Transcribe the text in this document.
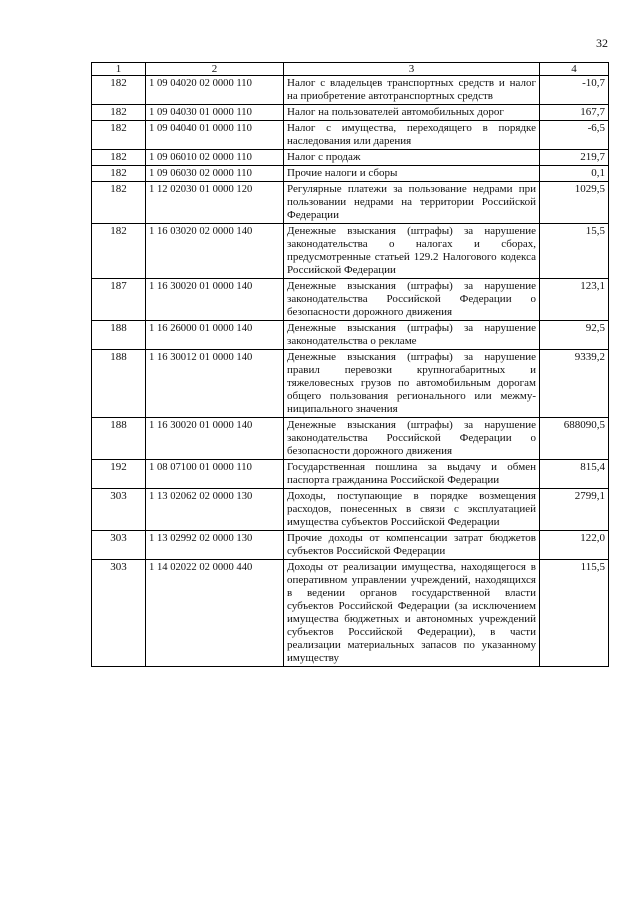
32
1	2	3	4
182	1 09 04020 02 0000 110	Налог с владельцев транспортных средств и налог на приобретение автотранспортных средств	-10,7
182	1 09 04030 01 0000 110	Налог на пользователей автомобильных дорог	167,7
182	1 09 04040 01 0000 110	Налог с имущества, переходящего в порядке наследования или дарения	-6,5
182	1 09 06010 02 0000 110	Налог с продаж	219,7
182	1 09 06030 02 0000 110	Прочие налоги и сборы	0,1
182	1 12 02030 01 0000 120	Регулярные платежи за пользование недрами при пользовании недрами на территории Российской Федерации	1029,5
182	1 16 03020 02 0000 140	Денежные взыскания (штрафы) за нарушение законодательства о налогах и сборах, предусмотренные статьей 129.2 Налогового кодекса Российской Федерации	15,5
187	1 16 30020 01 0000 140	Денежные взыскания (штрафы) за нарушение законодательства Российской Федерации о безопасности дорожного движения	123,1
188	1 16 26000 01 0000 140	Денежные взыскания (штрафы) за нарушение законодательства о рекламе	92,5
188	1 16 30012 01 0000 140	Денежные взыскания (штрафы) за нарушение правил перевозки крупногабаритных и тяжеловесных грузов по автомобильным дорогам общего пользования регионального или межмуниципального значения	9339,2
188	1 16 30020 01 0000 140	Денежные взыскания (штрафы) за нарушение законодательства Российской Федерации о безопасности дорожного движения	688090,5
192	1 08 07100 01 0000 110	Государственная пошлина за выдачу и обмен паспорта гражданина Российской Федерации	815,4
303	1 13 02062 02 0000 130	Доходы, поступающие в порядке возмещения расходов, понесенных в связи с эксплуатацией имущества субъектов Российской Федерации	2799,1
303	1 13 02992 02 0000 130	Прочие доходы от компенсации затрат бюджетов субъектов Российской Федерации	122,0
303	1 14 02022 02 0000 440	Доходы от реализации имущества, находящегося в оперативном управлении учреждений, находящихся в ведении органов государственной власти субъектов Российской Федерации (за исключением имущества бюджетных и автономных учреждений субъектов Российской Федерации), в части реализации материальных запасов по указанному имуществу	115,5
